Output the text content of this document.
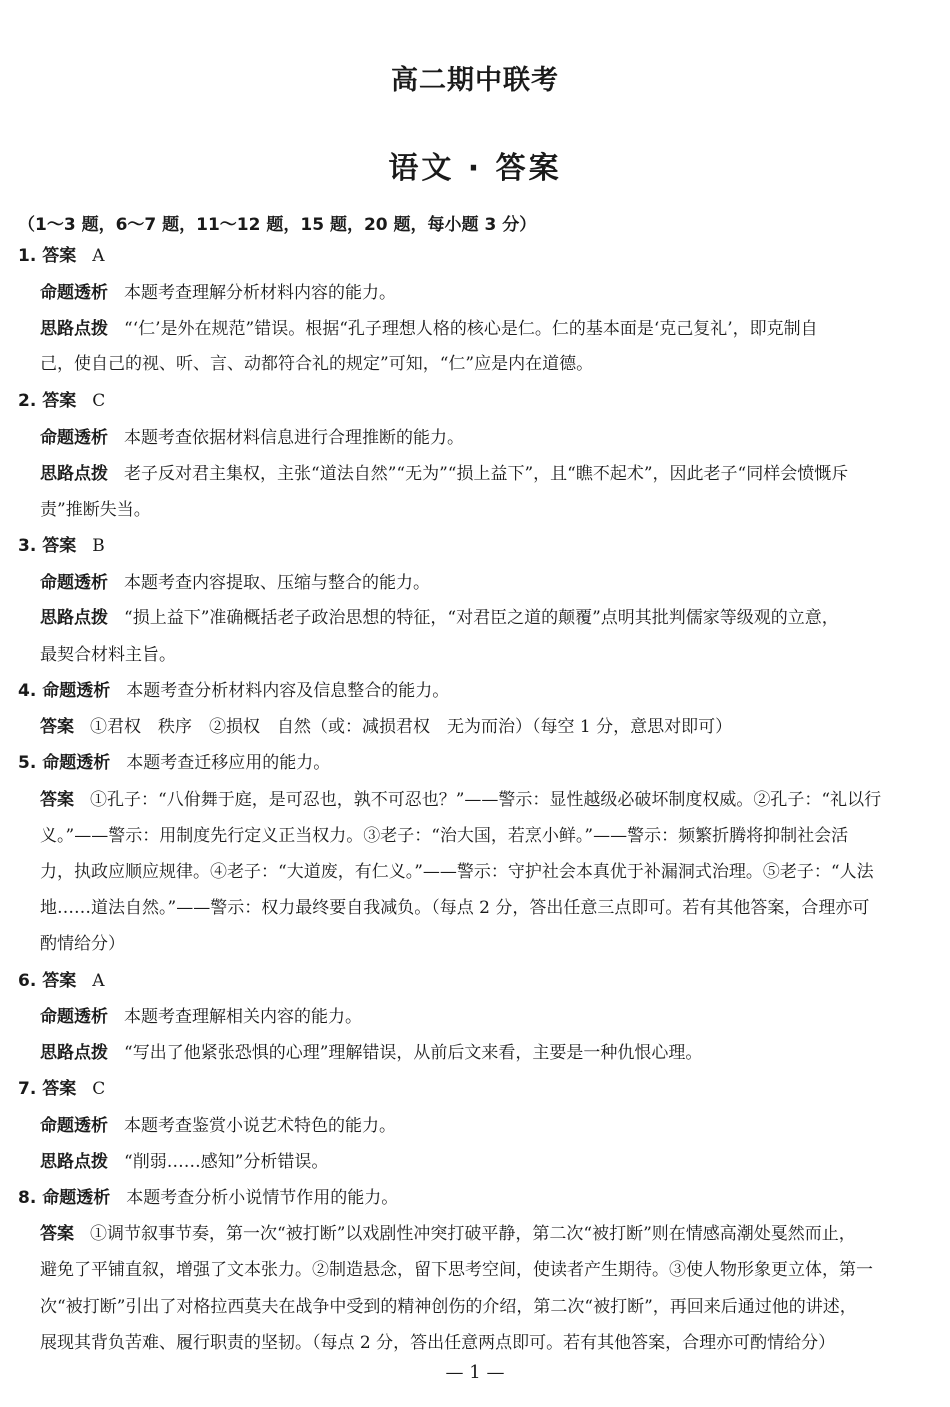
高二期中联考
语文 · 答案
（1～3 题，6～7 题，11～12 题，15 题，20 题，每小题 3 分）
1. 答案 A
命题透析 本题考查理解分析材料内容的能力。
思路点拨 “‘仁’是外在规范”错误。根据“孔子理想人格的核心是仁。仁的基本面是‘克己复礼’，即克制自
己，使自己的视、听、言、动都符合礼的规定”可知，“仁”应是内在道德。
2. 答案 C
命题透析 本题考查依据材料信息进行合理推断的能力。
思路点拨 老子反对君主集权，主张“道法自然”“无为”“损上益下”，且“瞧不起术”，因此老子“同样会愤慨斥
责”推断失当。
3. 答案 B
命题透析 本题考查内容提取、压缩与整合的能力。
思路点拨 “损上益下”准确概括老子政治思想的特征，“对君臣之道的颠覆”点明其批判儒家等级观的立意，
最契合材料主旨。
4. 命题透析 本题考查分析材料内容及信息整合的能力。
答案 ①君权　秩序　②损权　自然（或：减损君权　无为而治）（每空 1 分，意思对即可）
5. 命题透析 本题考查迁移应用的能力。
答案 ①孔子：“八佾舞于庭，是可忍也，孰不可忍也？”——警示：显性越级必破坏制度权威。②孔子：“礼以行
义。”——警示：用制度先行定义正当权力。③老子：“治大国，若烹小鲜。”——警示：频繁折腾将抑制社会活
力，执政应顺应规律。④老子：“大道废，有仁义。”——警示：守护社会本真优于补漏洞式治理。⑤老子：“人法
地……道法自然。”——警示：权力最终要自我减负。（每点 2 分，答出任意三点即可。若有其他答案，合理亦可
酌情给分）
6. 答案 A
命题透析 本题考查理解相关内容的能力。
思路点拨 “写出了他紧张恐惧的心理”理解错误，从前后文来看，主要是一种仇恨心理。
7. 答案 C
命题透析 本题考查鉴赏小说艺术特色的能力。
思路点拨 “削弱……感知”分析错误。
8. 命题透析 本题考查分析小说情节作用的能力。
答案 ①调节叙事节奏，第一次“被打断”以戏剧性冲突打破平静，第二次“被打断”则在情感高潮处戛然而止，
避免了平铺直叙，增强了文本张力。②制造悬念，留下思考空间，使读者产生期待。③使人物形象更立体，第一
次“被打断”引出了对格拉西莫夫在战争中受到的精神创伤的介绍，第二次“被打断”，再回来后通过他的讲述，
展现其背负苦难、履行职责的坚韧。（每点 2 分，答出任意两点即可。若有其他答案，合理亦可酌情给分）
— 1 —
